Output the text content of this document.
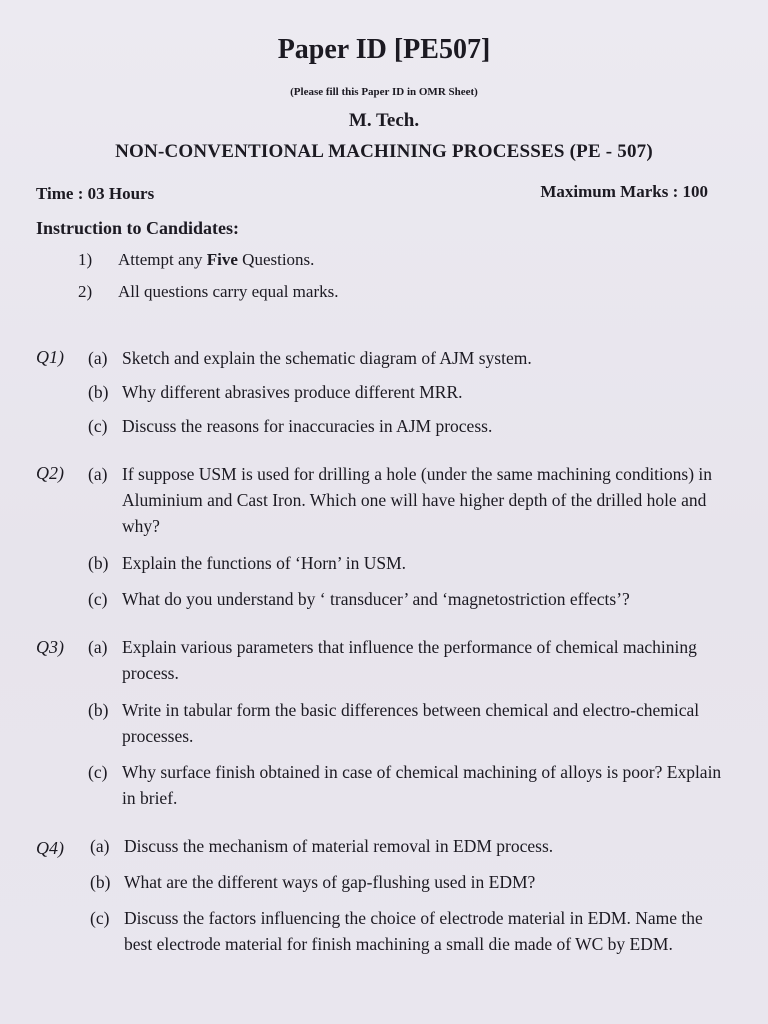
Paper ID [PE507]
(Please fill this Paper ID in OMR Sheet)
M. Tech.
NON-CONVENTIONAL MACHINING PROCESSES (PE - 507)
Time : 03 Hours	Maximum Marks : 100
Instruction to Candidates:
1) Attempt any Five Questions.
2) All questions carry equal marks.
Q1) (a) Sketch and explain the schematic diagram of AJM system.
(b) Why different abrasives produce different MRR.
(c) Discuss the reasons for inaccuracies in AJM process.
Q2) (a) If suppose USM is used for drilling a hole (under the same machining conditions) in Aluminium and Cast Iron. Which one will have higher depth of the drilled hole and why?
(b) Explain the functions of ‘Horn’ in USM.
(c) What do you understand by ‘ transducer’ and ‘magnetostriction effects’?
Q3) (a) Explain various parameters that influence the performance of chemical machining process.
(b) Write in tabular form the basic differences between chemical and electro-chemical processes.
(c) Why surface finish obtained in case of chemical machining of alloys is poor? Explain in brief.
Q4) (a) Discuss the mechanism of material removal in EDM process.
(b) What are the different ways of gap-flushing used in EDM?
(c) Discuss the factors influencing the choice of electrode material in EDM. Name the best electrode material for finish machining a small die made of WC by EDM.
